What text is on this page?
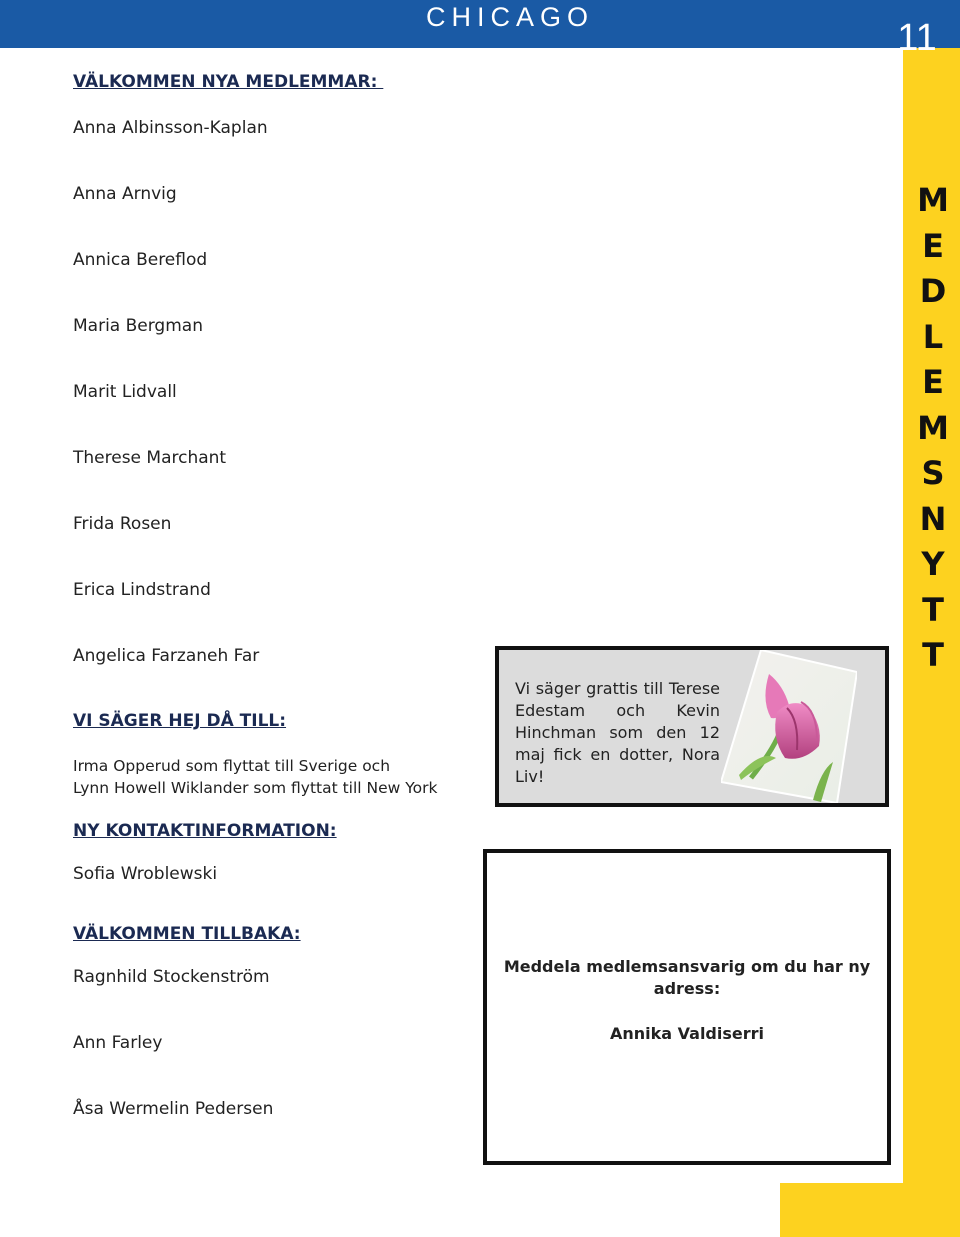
CHICAGO	11
M
E
D
L
E
M
S
N
Y
T
T
VÄLKOMMEN NYA MEDLEMMAR:
Anna Albinsson-Kaplan
Anna Arnvig
Annica Bereflod
Maria Bergman
Marit Lidvall
Therese Marchant
Frida Rosen
Erica Lindstrand
Angelica Farzaneh Far
VI SÄGER HEJ DÅ TILL:
Irma Opperud som flyttat till Sverige och
Lynn Howell Wiklander som flyttat till New York
NY KONTAKTINFORMATION:
Sofia Wroblewski
VÄLKOMMEN TILLBAKA:
Ragnhild Stockenström
Ann Farley
Åsa Wermelin Pedersen
Vi säger grattis till Terese Edestam och Kevin Hinchman som den 12 maj fick en dotter, Nora Liv!
Meddela medlemsansvarig om du har ny adress:
Annika Valdiserri
